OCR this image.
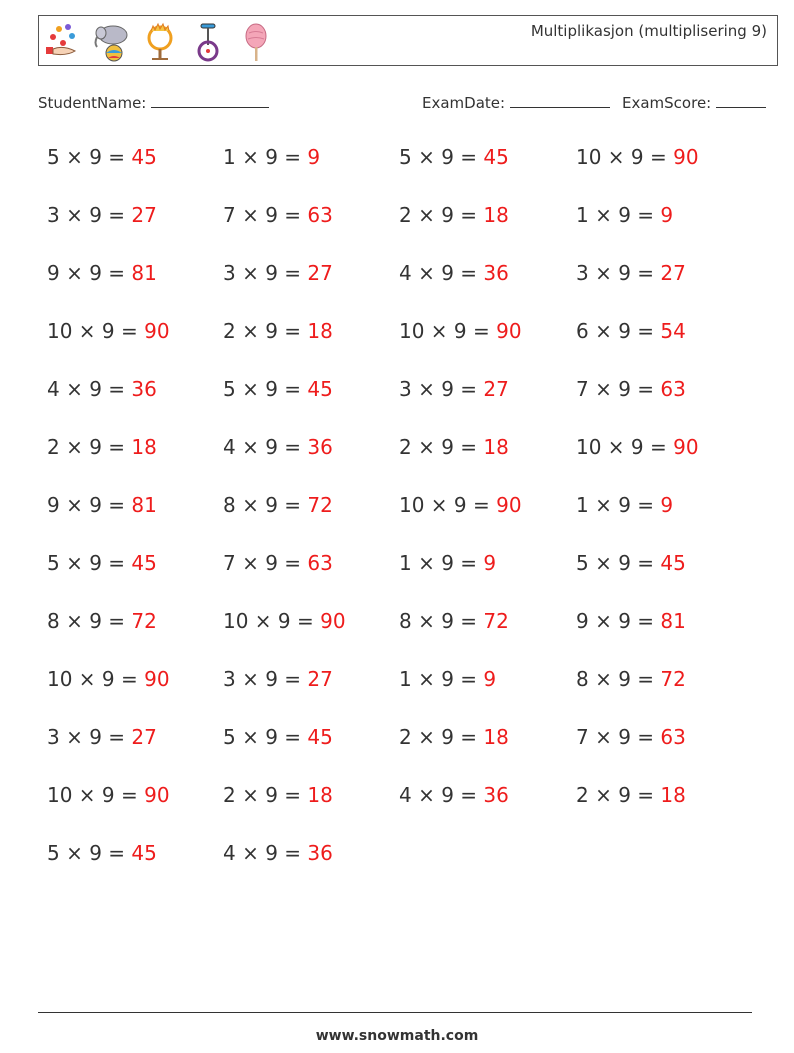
Multiplikasjon (multiplisering 9)
StudentName:	ExamDate:	ExamScore:
5 × 9 = 45	1 × 9 = 9	5 × 9 = 45	10 × 9 = 90
3 × 9 = 27	7 × 9 = 63	2 × 9 = 18	1 × 9 = 9
9 × 9 = 81	3 × 9 = 27	4 × 9 = 36	3 × 9 = 27
10 × 9 = 90	2 × 9 = 18	10 × 9 = 90	6 × 9 = 54
4 × 9 = 36	5 × 9 = 45	3 × 9 = 27	7 × 9 = 63
2 × 9 = 18	4 × 9 = 36	2 × 9 = 18	10 × 9 = 90
9 × 9 = 81	8 × 9 = 72	10 × 9 = 90	1 × 9 = 9
5 × 9 = 45	7 × 9 = 63	1 × 9 = 9	5 × 9 = 45
8 × 9 = 72	10 × 9 = 90	8 × 9 = 72	9 × 9 = 81
10 × 9 = 90	3 × 9 = 27	1 × 9 = 9	8 × 9 = 72
3 × 9 = 27	5 × 9 = 45	2 × 9 = 18	7 × 9 = 63
10 × 9 = 90	2 × 9 = 18	4 × 9 = 36	2 × 9 = 18
5 × 9 = 45	4 × 9 = 36
www.snowmath.com
